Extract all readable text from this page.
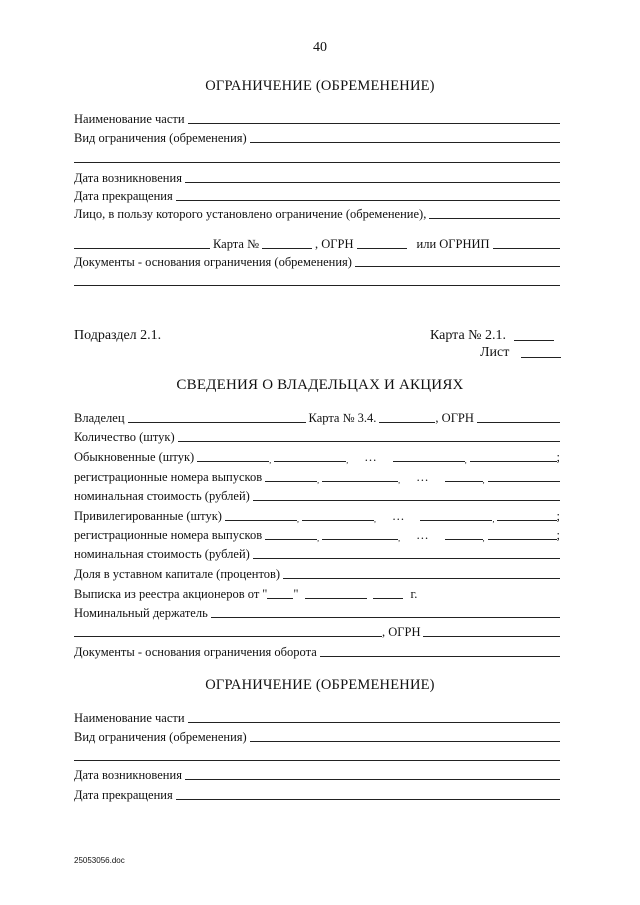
40
ОГРАНИЧЕНИЕ (ОБРЕМЕНЕНИЕ)
Наименование части
Вид ограничения (обременения)
Дата возникновения
Дата прекращения
Лицо, в пользу которого установлено ограничение (обременение),
Карта №	, ОГРН	или ОГРНИП
Документы - основания ограничения (обременения)
Подраздел 2.1.	Карта № 2.1.
Лист
СВЕДЕНИЯ О ВЛАДЕЛЬЦАХ И АКЦИЯХ
Владелец	Карта № 3.4.	, ОГРН
Количество (штук)
Обыкновенные (штук)	,	,	…	,	;
регистрационные номера выпусков	,	,	…	,
номинальная стоимость (рублей)
Привилегированные (штук)	,	,	…	,	;
регистрационные номера выпусков	,	,	…	,	;
номинальная стоимость (рублей)
Доля в уставном капитале (процентов)
Выписка из реестра акционеров от " "	г.
Номинальный держатель
, ОГРН
Документы - основания ограничения оборота
ОГРАНИЧЕНИЕ (ОБРЕМЕНЕНИЕ)
Наименование части
Вид ограничения (обременения)
Дата возникновения
Дата прекращения
25053056.doc
